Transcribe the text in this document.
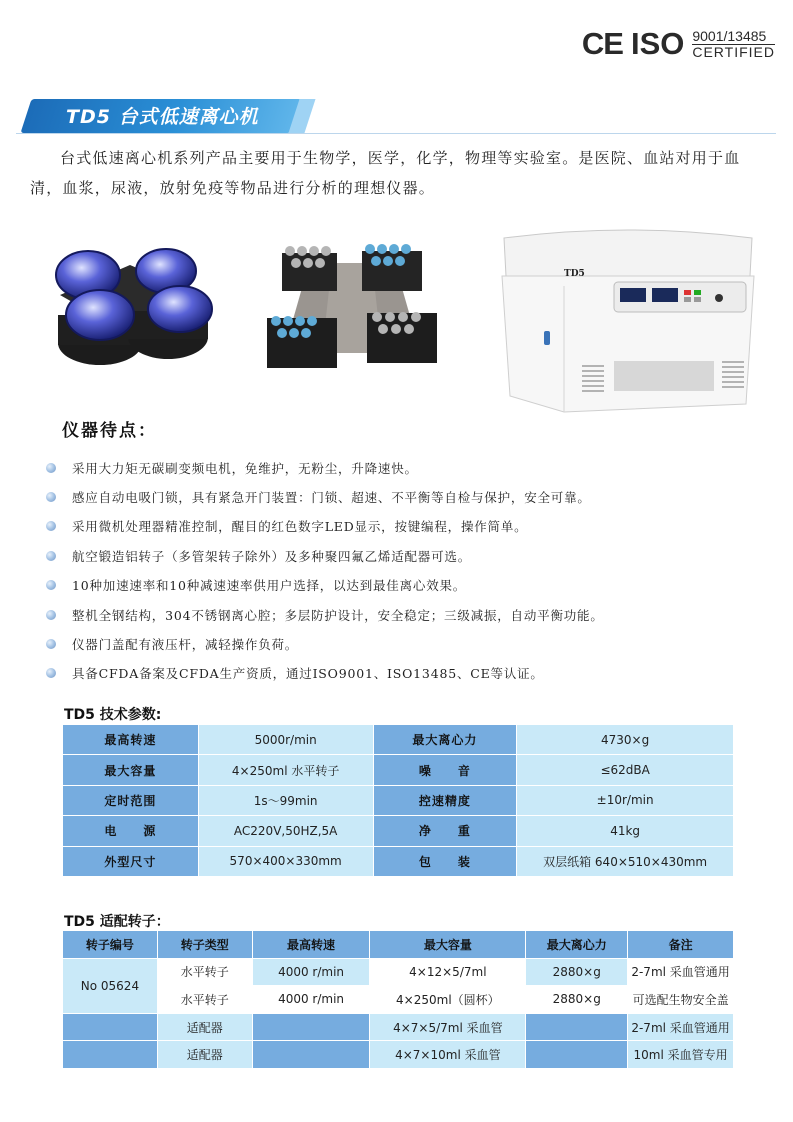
CE ISO 9001/13485
CERTIFIED
TD5 台式低速离心机

台式低速离心机系列产品主要用于生物学，医学，化学，物理等实验室。是医院、血站对用于血清，血浆，尿液，放射免疫等物品进行分析的理想仪器。

TD5
仪器待点：
采用大力矩无碳刷变频电机，免维护，无粉尘，升降速快。
感应自动电吸门锁，具有紧急开门装置：门锁、超速、不平衡等自检与保护，安全可靠。
采用微机处理器精准控制，醒目的红色数字LED显示，按键编程，操作简单。
航空锻造铝转子（多管架转子除外）及多种聚四氟乙烯适配器可选。
10种加速速率和10种减速速率供用户选择，以达到最佳离心效果。
整机全钢结构，304不锈钢离心腔；多层防护设计，安全稳定；三级减振，自动平衡功能。
仪器门盖配有液压杆，减轻操作负荷。
具备CFDA备案及CFDA生产资质，通过ISO9001、ISO13485、CE等认证。
TD5 技术参数:
最高转速	5000r/min	最大离心力	4730×g
最大容量	4×250ml 水平转子	噪　　音	≤62dBA
定时范围	1s～99min	控速精度	±10r/min
电　　源	AC220V,50HZ,5A	净　　重	41kg
外型尺寸	570×400×330mm	包　　装	双层纸箱 640×510×430mm
TD5 适配转子：
转子编号	转子类型	最高转速	最大容量	最大离心力	备注
No 05624	水平转子	4000 r/min	4×12×5/7ml	2880×g	2-7ml 采血管通用
	水平转子	4000 r/min	4×250ml（圆杯）	2880×g	可选配生物安全盖
	适配器		4×7×5/7ml 采血管		2-7ml 采血管通用
	适配器		4×7×10ml 采血管		10ml 采血管专用
